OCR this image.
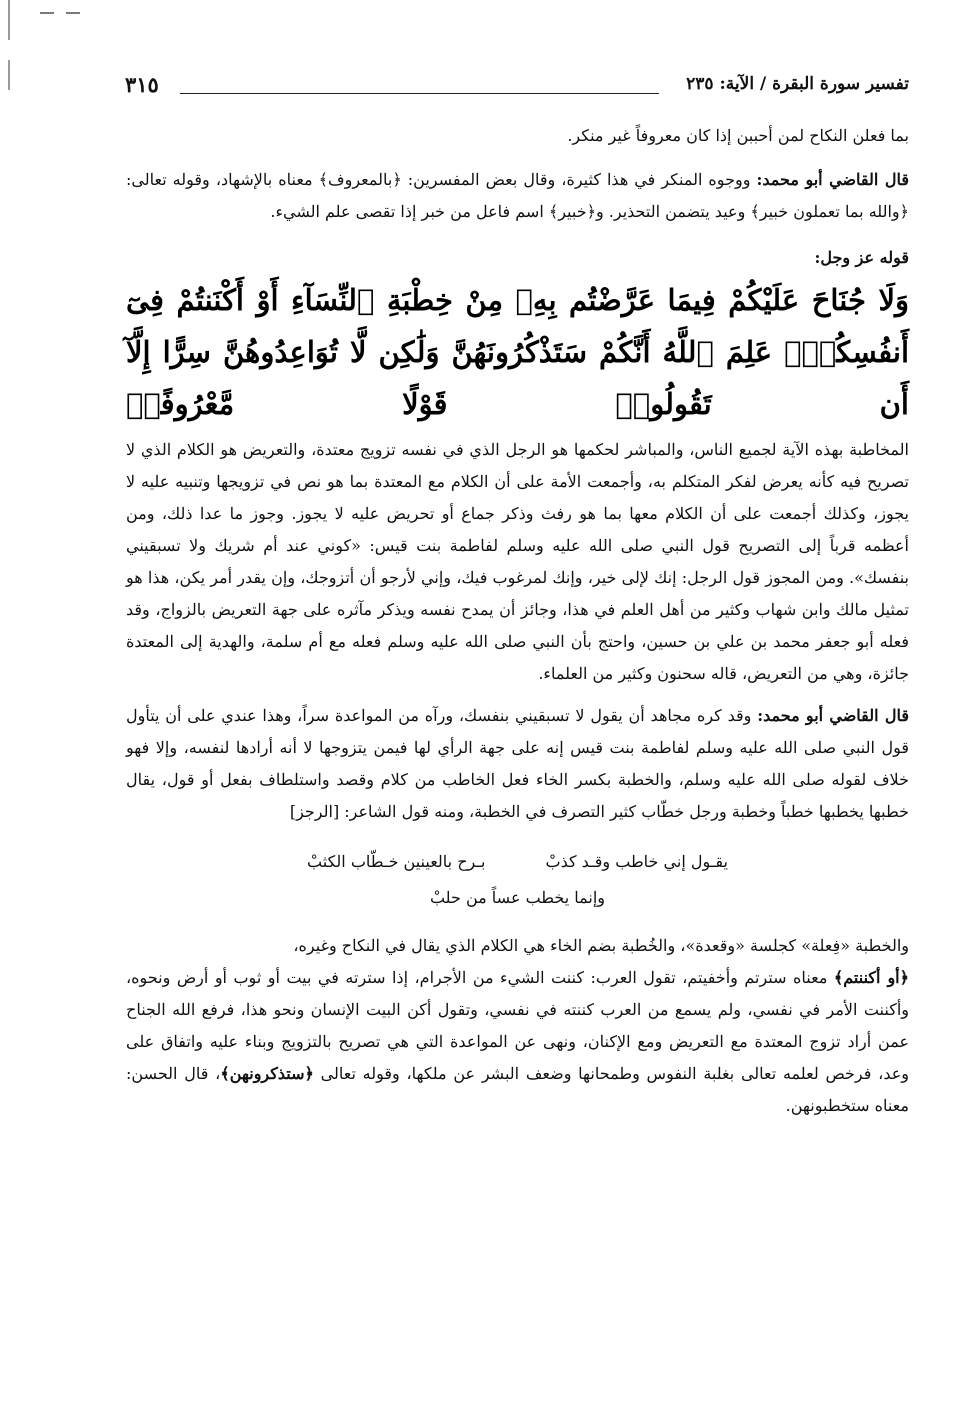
تفسير سورة البقرة / الآية: ٢٣٥
٣١٥

بما فعلن النكاح لمن أحببن إذا كان معروفاً غير منكر.

قال القاضي أبو محمد: ووجوه المنكر في هذا كثيرة، وقال بعض المفسرين: ﴿بالمعروف﴾ معناه بالإشهاد، وقوله تعالى: ﴿والله بما تعملون خبير﴾ وعيد يتضمن التحذير. و﴿خبير﴾ اسم فاعل من خبر إذا تقصى علم الشيء.

قوله عز وجل:

وَلَا جُنَاحَ عَلَيْكُمْ فِيمَا عَرَّضْتُم بِهِۦ مِنْ خِطْبَةِ ٱلنِّسَآءِ أَوْ أَكْنَنتُمْ فِىٓ أَنفُسِكُمْۚ عَلِمَ ٱللَّهُ أَنَّكُمْ سَتَذْكُرُونَهُنَّ وَلَٰكِن لَّا تُوَاعِدُوهُنَّ سِرًّا إِلَّآ أَن تَقُولُوا۟ قَوْلًا مَّعْرُوفًاۚ

المخاطبة بهذه الآية لجميع الناس، والمباشر لحكمها هو الرجل الذي في نفسه تزويج معتدة، والتعريض هو الكلام الذي لا تصريح فيه كأنه يعرض لفكر المتكلم به، وأجمعت الأمة على أن الكلام مع المعتدة بما هو نص في تزويجها وتنبيه عليه لا يجوز، وكذلك أجمعت على أن الكلام معها بما هو رفث وذكر جماع أو تحريض عليه لا يجوز. وجوز ما عدا ذلك، ومن أعظمه قرباً إلى التصريح قول النبي صلى الله عليه وسلم لفاطمة بنت قيس: «كوني عند أم شريك ولا تسبقيني بنفسك». ومن المجوز قول الرجل: إنك لإلى خير، وإنك لمرغوب فيك، وإني لأرجو أن أتزوجك، وإن يقدر أمر يكن، هذا هو تمثيل مالك وابن شهاب وكثير من أهل العلم في هذا، وجائز أن يمدح نفسه ويذكر مآثره على جهة التعريض بالزواج، وقد فعله أبو جعفر محمد بن علي بن حسين، واحتج بأن النبي صلى الله عليه وسلم فعله مع أم سلمة، والهدية إلى المعتدة جائزة، وهي من التعريض، قاله سحنون وكثير من العلماء.

قال القاضي أبو محمد: وقد كره مجاهد أن يقول لا تسبقيني بنفسك، ورآه من المواعدة سراً، وهذا عندي على أن يتأول قول النبي صلى الله عليه وسلم لفاطمة بنت قيس إنه على جهة الرأي لها فيمن يتزوجها لا أنه أرادها لنفسه، وإلا فهو خلاف لقوله صلى الله عليه وسلم، والخطبة بكسر الخاء فعل الخاطب من كلام وقصد واستلطاف بفعل أو قول، يقال خطبها يخطبها خطباً وخطبة ورجل خطّاب كثير التصرف في الخطبة، ومنه قول الشاعر: [الرجز]

يقـول إني خاطب وقـد كذبْ
بـرح بالعينين خـطّاب الكثبْ
وإنما يخطب عساً من حلبْ

والخطبة «فِعلة» كجلسة «وقعدة»، والخُطبة بضم الخاء هي الكلام الذي يقال في النكاح وغيره،
﴿أو أكننتم﴾ معناه سترتم وأخفيتم، تقول العرب: كننت الشيء من الأجرام، إذا سترته في بيت أو ثوب أو أرض ونحوه، وأكننت الأمر في نفسي، ولم يسمع من العرب كننته في نفسي، وتقول أكن البيت الإنسان ونحو هذا، فرفع الله الجناح عمن أراد تزوج المعتدة مع التعريض ومع الإكنان، ونهى عن المواعدة التي هي تصريح بالتزويج وبناء عليه واتفاق على وعد، فرخص لعلمه تعالى بغلبة النفوس وطمحانها وضعف البشر عن ملكها، وقوله تعالى ﴿ستذكرونهن﴾، قال الحسن: معناه ستخطبونهن.
